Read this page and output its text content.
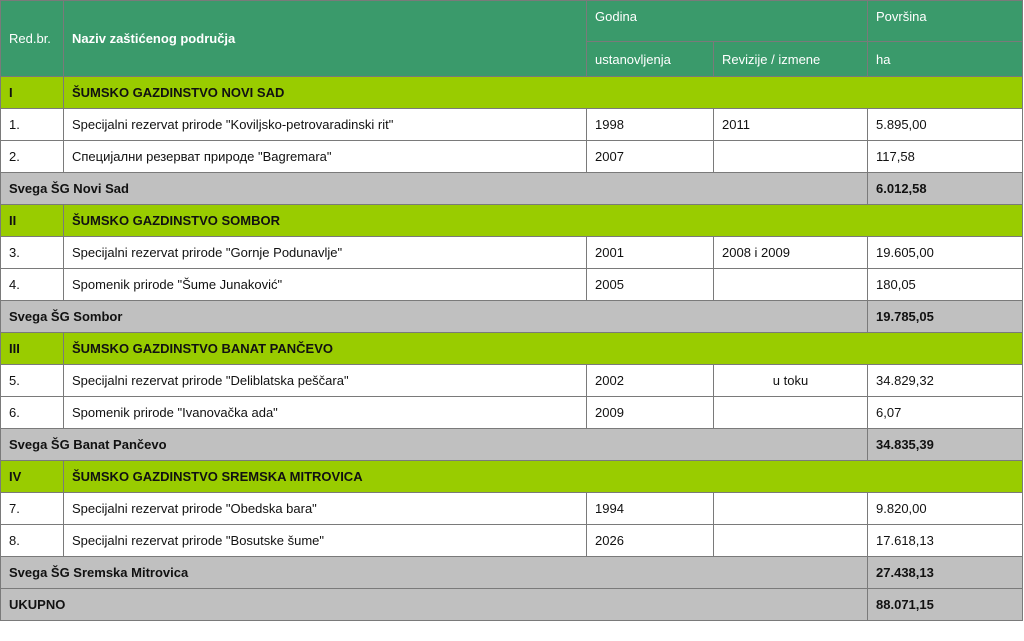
Red.br.	Naziv zaštićenog područja	Godina		Površina
		ustanovljenja	Revizije / izmene	ha
I	ŠUMSKO GAZDINSTVO NOVI SAD			
1.	Specijalni rezervat prirode "Koviljsko-petrovaradinski rit"	1998	2011	5.895,00
2.	Специјални резерват природе "Bagremara"	2007		117,58
Svega ŠG Novi Sad				6.012,58
II	ŠUMSKO GAZDINSTVO SOMBOR			
3.	Specijalni rezervat prirode "Gornje Podunavlje"	2001	2008 i 2009	19.605,00
4.	Spomenik prirode "Šume Junaković"	2005		180,05
Svega ŠG Sombor				19.785,05
III	ŠUMSKO GAZDINSTVO BANAT PANČEVO			
5.	Specijalni rezervat prirode "Deliblatska peščara"	2002	u toku	34.829,32
6.	Spomenik prirode "Ivanovačka ada"	2009		6,07
Svega ŠG Banat Pančevo				34.835,39
IV	ŠUMSKO GAZDINSTVO SREMSKA MITROVICA			
7.	Specijalni rezervat prirode "Obedska bara"	1994		9.820,00
8.	Specijalni rezervat prirode "Bosutske šume"	2026		17.618,13
Svega ŠG Sremska Mitrovica				27.438,13
UKUPNO				88.071,15
